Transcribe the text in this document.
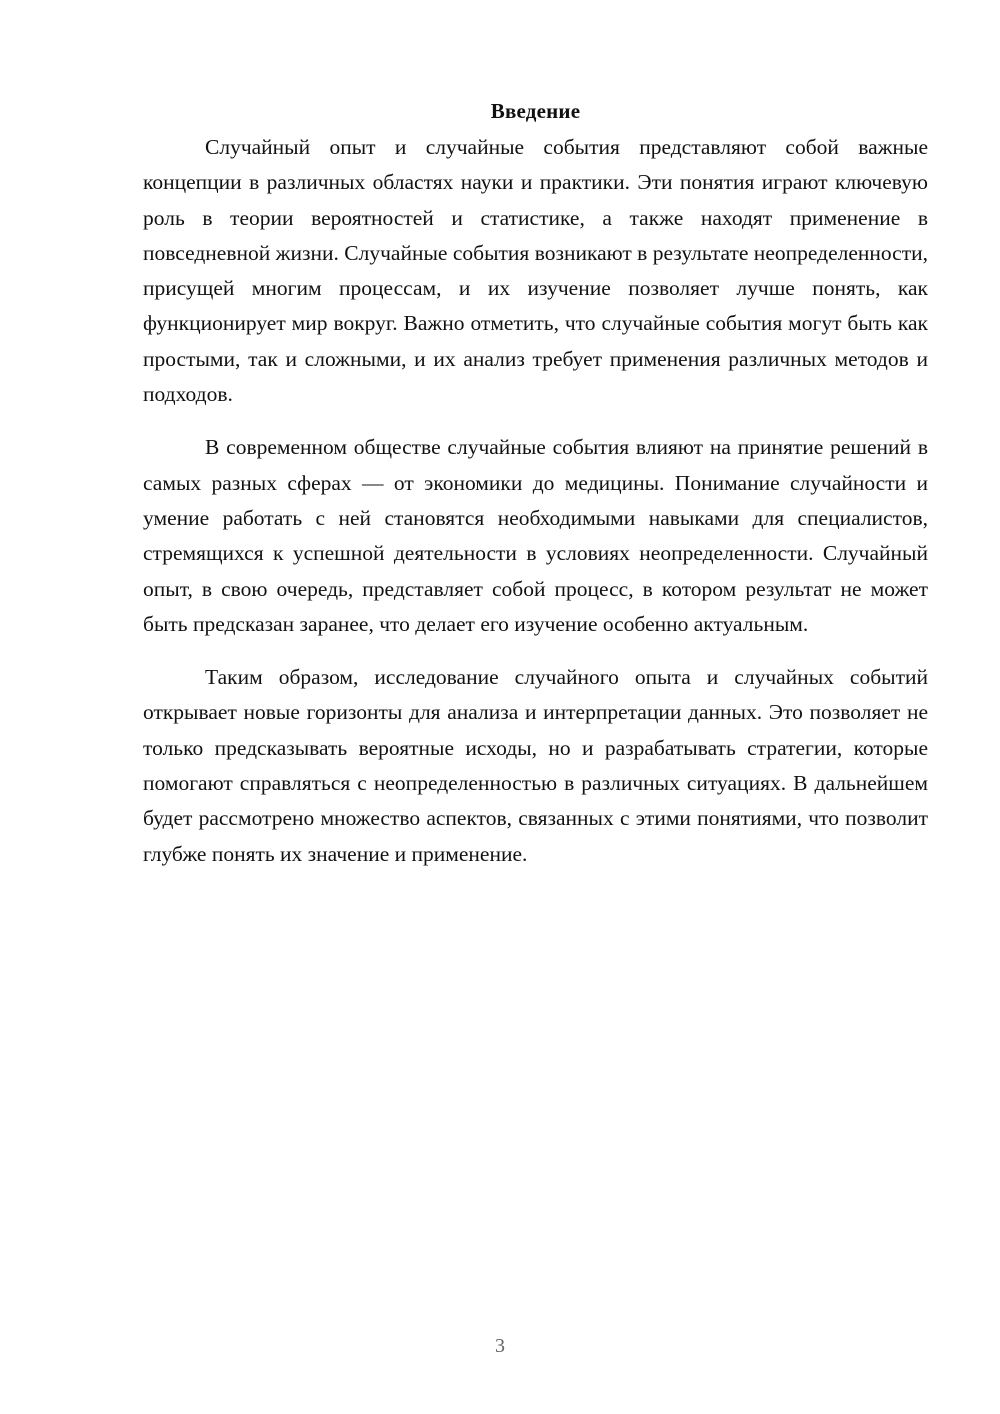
Введение

Случайный опыт и случайные события представляют собой важные концепции в различных областях науки и практики. Эти понятия играют ключевую роль в теории вероятностей и статистике, а также находят применение в повседневной жизни. Случайные события возникают в результате неопределенности, присущей многим процессам, и их изучение позволяет лучше понять, как функционирует мир вокруг. Важно отметить, что случайные события могут быть как простыми, так и сложными, и их анализ требует применения различных методов и подходов.

В современном обществе случайные события влияют на принятие решений в самых разных сферах — от экономики до медицины. Понимание случайности и умение работать с ней становятся необходимыми навыками для специалистов, стремящихся к успешной деятельности в условиях неопределенности. Случайный опыт, в свою очередь, представляет собой процесс, в котором результат не может быть предсказан заранее, что делает его изучение особенно актуальным.

Таким образом, исследование случайного опыта и случайных событий открывает новые горизонты для анализа и интерпретации данных. Это позволяет не только предсказывать вероятные исходы, но и разрабатывать стратегии, которые помогают справляться с неопределенностью в различных ситуациях. В дальнейшем будет рассмотрено множество аспектов, связанных с этими понятиями, что позволит глубже понять их значение и применение.

3
